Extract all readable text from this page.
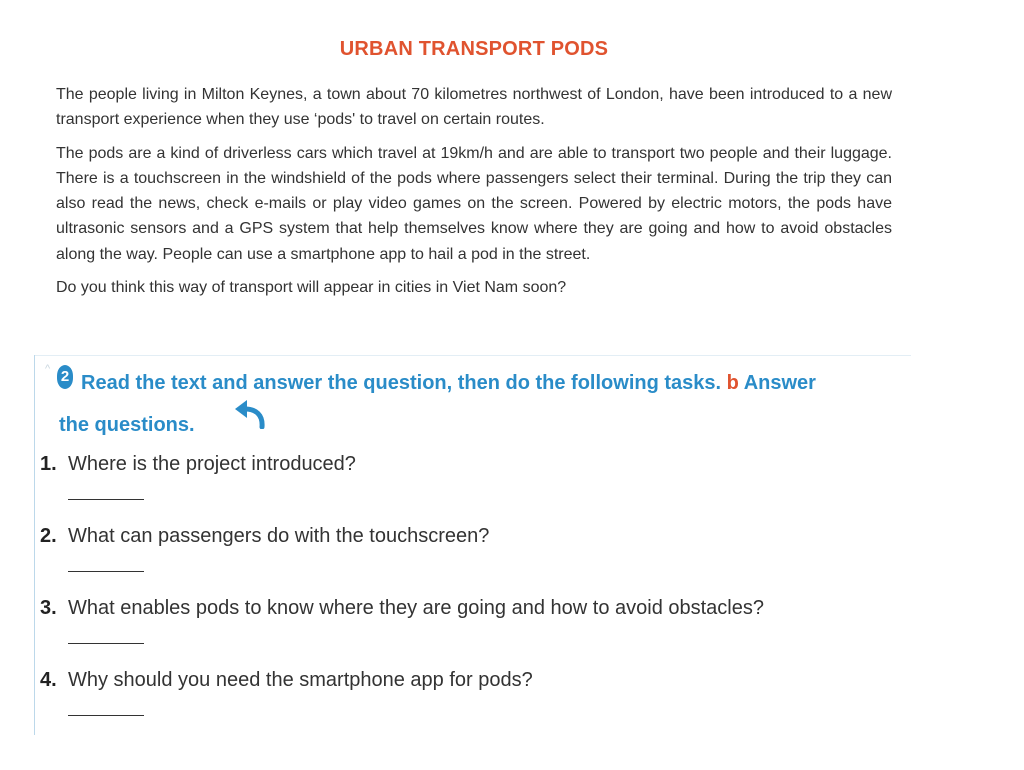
URBAN TRANSPORT PODS

The people living in Milton Keynes, a town about 70 kilometres northwest of London, have been introduced to a new transport experience when they use ‘pods' to travel on certain routes.

The pods are a kind of driverless cars which travel at 19km/h and are able to transport two people and their luggage. There is a touchscreen in the windshield of the pods where passengers select their terminal. During the trip they can also read the news, check e-mails or play video games on the screen. Powered by electric motors, the pods have ultrasonic sensors and a GPS system that help themselves know where they are going and how to avoid obstacles along the way. People can use a smartphone app to hail a pod in the street.

Do you think this way of transport will appear in cities in Viet Nam soon?

^ 2 Read the text and answer the question, then do the following tasks. b Answer
the questions.
1. Where is the project introduced?
2. What can passengers do with the touchscreen?
3. What enables pods to know where they are going and how to avoid obstacles?
4. Why should you need the smartphone app for pods?
